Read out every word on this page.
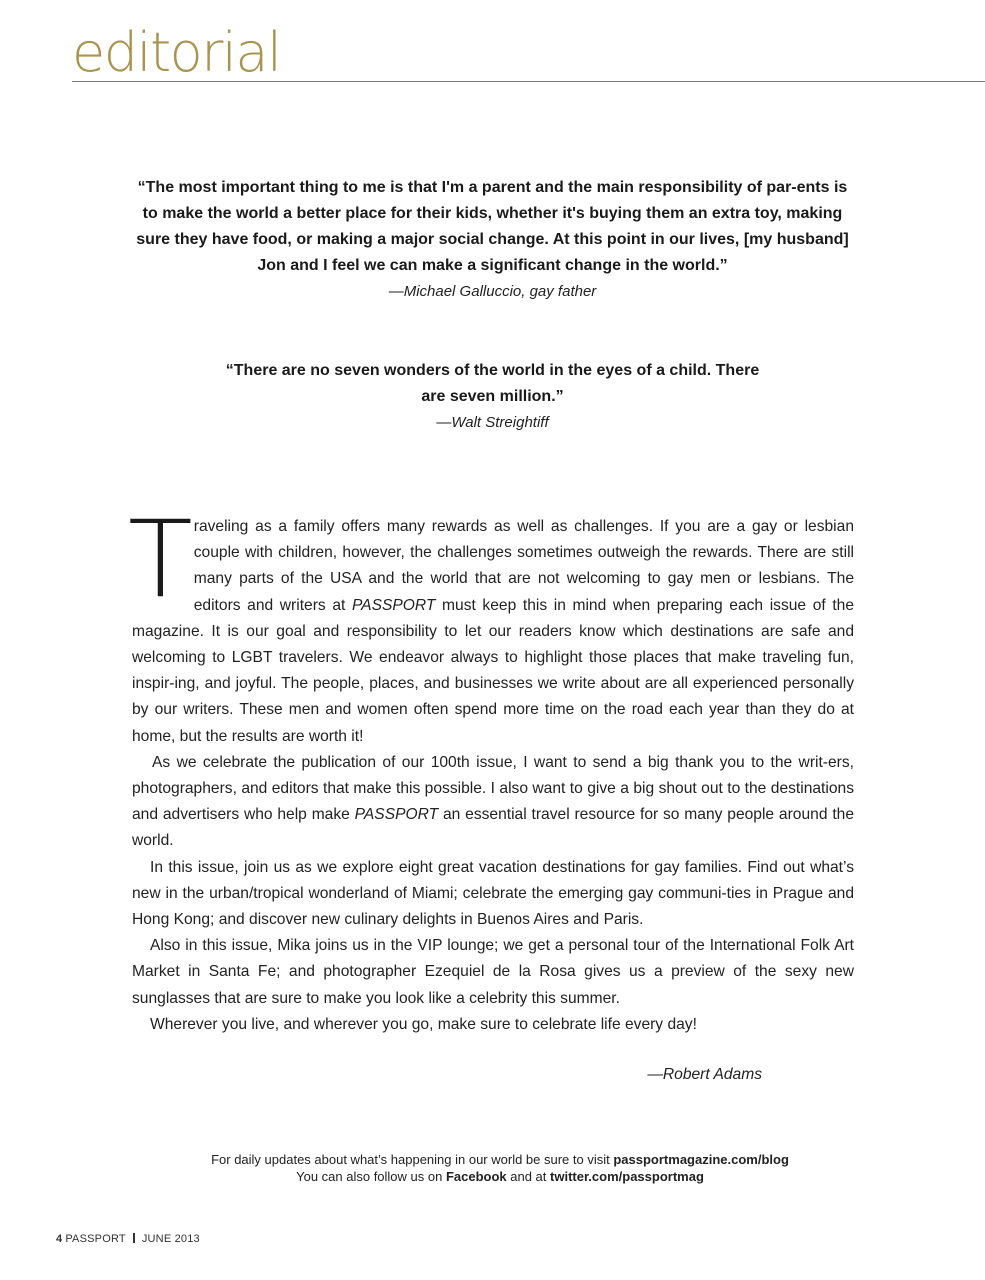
editorial
“The most important thing to me is that I'm a parent and the main responsibility of par-ents is to make the world a better place for their kids, whether it's buying them an extra toy, making sure they have food, or making a major social change. At this point in our lives, [my husband] Jon and I feel we can make a significant change in the world.”
—Michael Galluccio, gay father
“There are no seven wonders of the world in the eyes of a child. There are seven million.”
—Walt Streightiff

Traveling as a family offers many rewards as well as challenges. If you are a gay or lesbian couple with children, however, the challenges sometimes outweigh the rewards. There are still many parts of the USA and the world that are not welcoming to gay men or lesbians. The editors and writers at PASSPORT must keep this in mind when preparing each issue of the magazine. It is our goal and responsibility to let our readers know which destinations are safe and welcoming to LGBT travelers. We endeavor always to highlight those places that make traveling fun, inspir-ing, and joyful. The people, places, and businesses we write about are all experienced personally by our writers. These men and women often spend more time on the road each year than they do at home, but the results are worth it!

As we celebrate the publication of our 100th issue, I want to send a big thank you to the writ-ers, photographers, and editors that make this possible. I also want to give a big shout out to the destinations and advertisers who help make PASSPORT an essential travel resource for so many people around the world.

In this issue, join us as we explore eight great vacation destinations for gay families. Find out what’s new in the urban/tropical wonderland of Miami; celebrate the emerging gay communi-ties in Prague and Hong Kong; and discover new culinary delights in Buenos Aires and Paris.

Also in this issue, Mika joins us in the VIP lounge; we get a personal tour of the International Folk Art Market in Santa Fe; and photographer Ezequiel de la Rosa gives us a preview of the sexy new sunglasses that are sure to make you look like a celebrity this summer.

Wherever you live, and wherever you go, make sure to celebrate life every day!

—Robert Adams
For daily updates about what’s happening in our world be sure to visit passportmagazine.com/blog
You can also follow us on Facebook and at twitter.com/passportmag
4 PASSPORT JUNE 2013
